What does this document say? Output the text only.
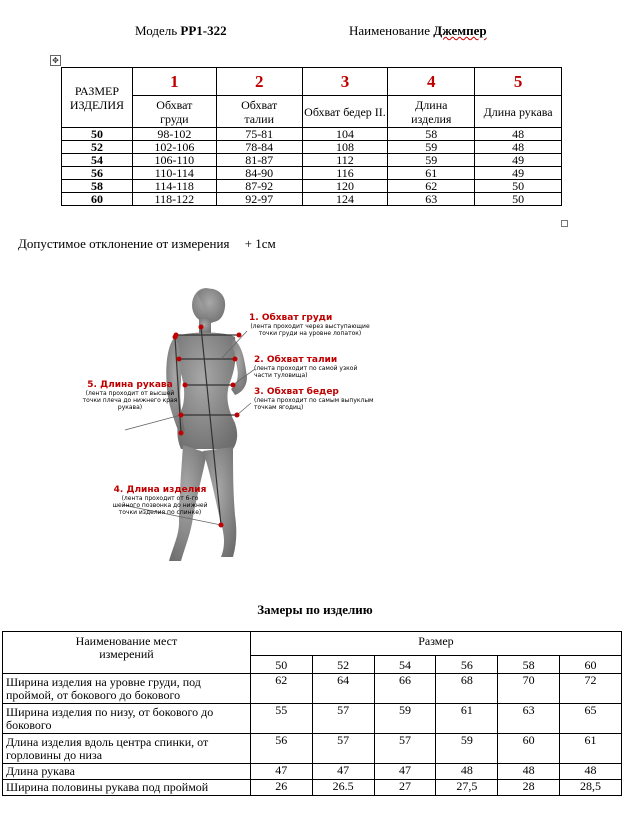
Модель PP1-322	Наименование Джемпер
✥
РАЗМЕР ИЗДЕЛИЯ	1	2	3	4	5
	Обхват груди	Обхват талии	Обхват бедер II.	Длина изделия	Длина рукава
50	98-102	75-81	104	58	48
52	102-106	78-84	108	59	48
54	106-110	81-87	112	59	49
56	110-114	84-90	116	61	49
58	114-118	87-92	120	62	50
60	118-122	92-97	124	63	50
Допустимое отклонение от измерения + 1см
1. Обхват груди
(лента проходит через выступающие точки груди на уровне лопаток)
2. Обхват талии
(лента проходит по самой узкой части туловища)
3. Обхват бедер
(лента проходит по самым выпуклым точкам ягодиц)
5. Длина рукава
(лента проходит от высшей точки плеча до нижнего края рукава)
4. Длина изделия
(лента проходит от 6-го шейного позвонка до нижней точки изделия по спинке)
Замеры по изделию
Наименование мест измерений	Размер					
	50	52	54	56	58	60
Ширина изделия на уровне груди, под проймой, от бокового до бокового	62	64	66	68	70	72
Ширина изделия по низу, от бокового до бокового	55	57	59	61	63	65
Длина изделия вдоль центра спинки, от горловины до низа	56	57	57	59	60	61
Длина рукава	47	47	47	48	48	48
Ширина половины рукава под проймой	26	26.5	27	27,5	28	28,5
